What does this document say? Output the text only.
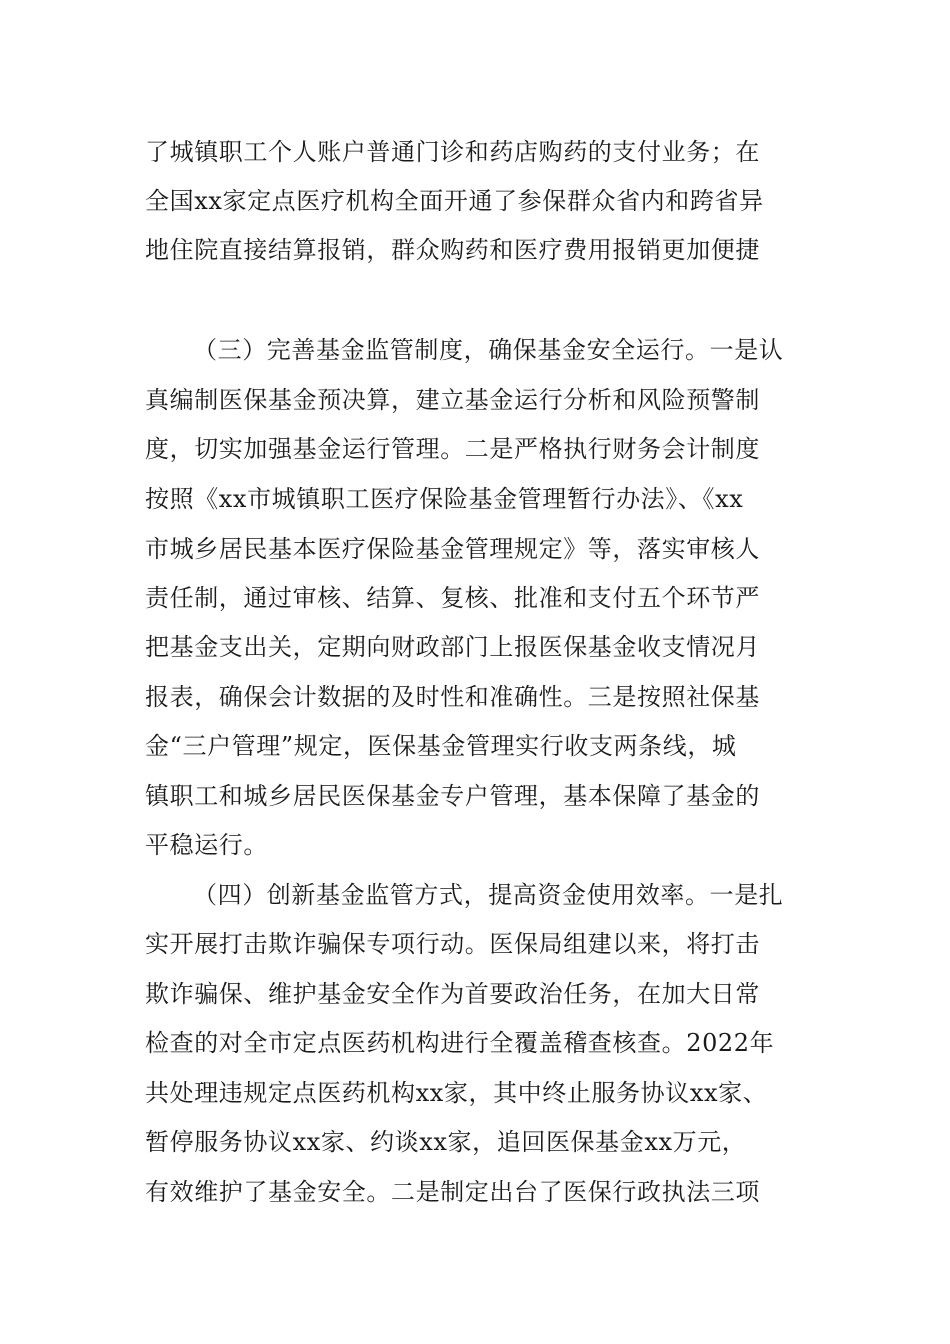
了城镇职工个人账户普通门诊和药店购药的支付业务；在
全国xx家定点医疗机构全面开通了参保群众省内和跨省异
地住院直接结算报销，群众购药和医疗费用报销更加便捷
（三）完善基金监管制度，确保基金安全运行。一是认
真编制医保基金预决算，建立基金运行分析和风险预警制
度，切实加强基金运行管理。二是严格执行财务会计制度
按照《xx市城镇职工医疗保险基金管理暂行办法》、《xx
市城乡居民基本医疗保险基金管理规定》等，落实审核人
责任制，通过审核、结算、复核、批准和支付五个环节严
把基金支出关，定期向财政部门上报医保基金收支情况月
报表，确保会计数据的及时性和准确性。三是按照社保基
金“三户管理”规定，医保基金管理实行收支两条线，城
镇职工和城乡居民医保基金专户管理，基本保障了基金的
平稳运行。
（四）创新基金监管方式，提高资金使用效率。一是扎
实开展打击欺诈骗保专项行动。医保局组建以来，将打击
欺诈骗保、维护基金安全作为首要政治任务，在加大日常
检查的对全市定点医药机构进行全覆盖稽查核查。2022年
共处理违规定点医药机构xx家，其中终止服务协议xx家、
暂停服务协议xx家、约谈xx家，追回医保基金xx万元，
有效维护了基金安全。二是制定出台了医保行政执法三项
